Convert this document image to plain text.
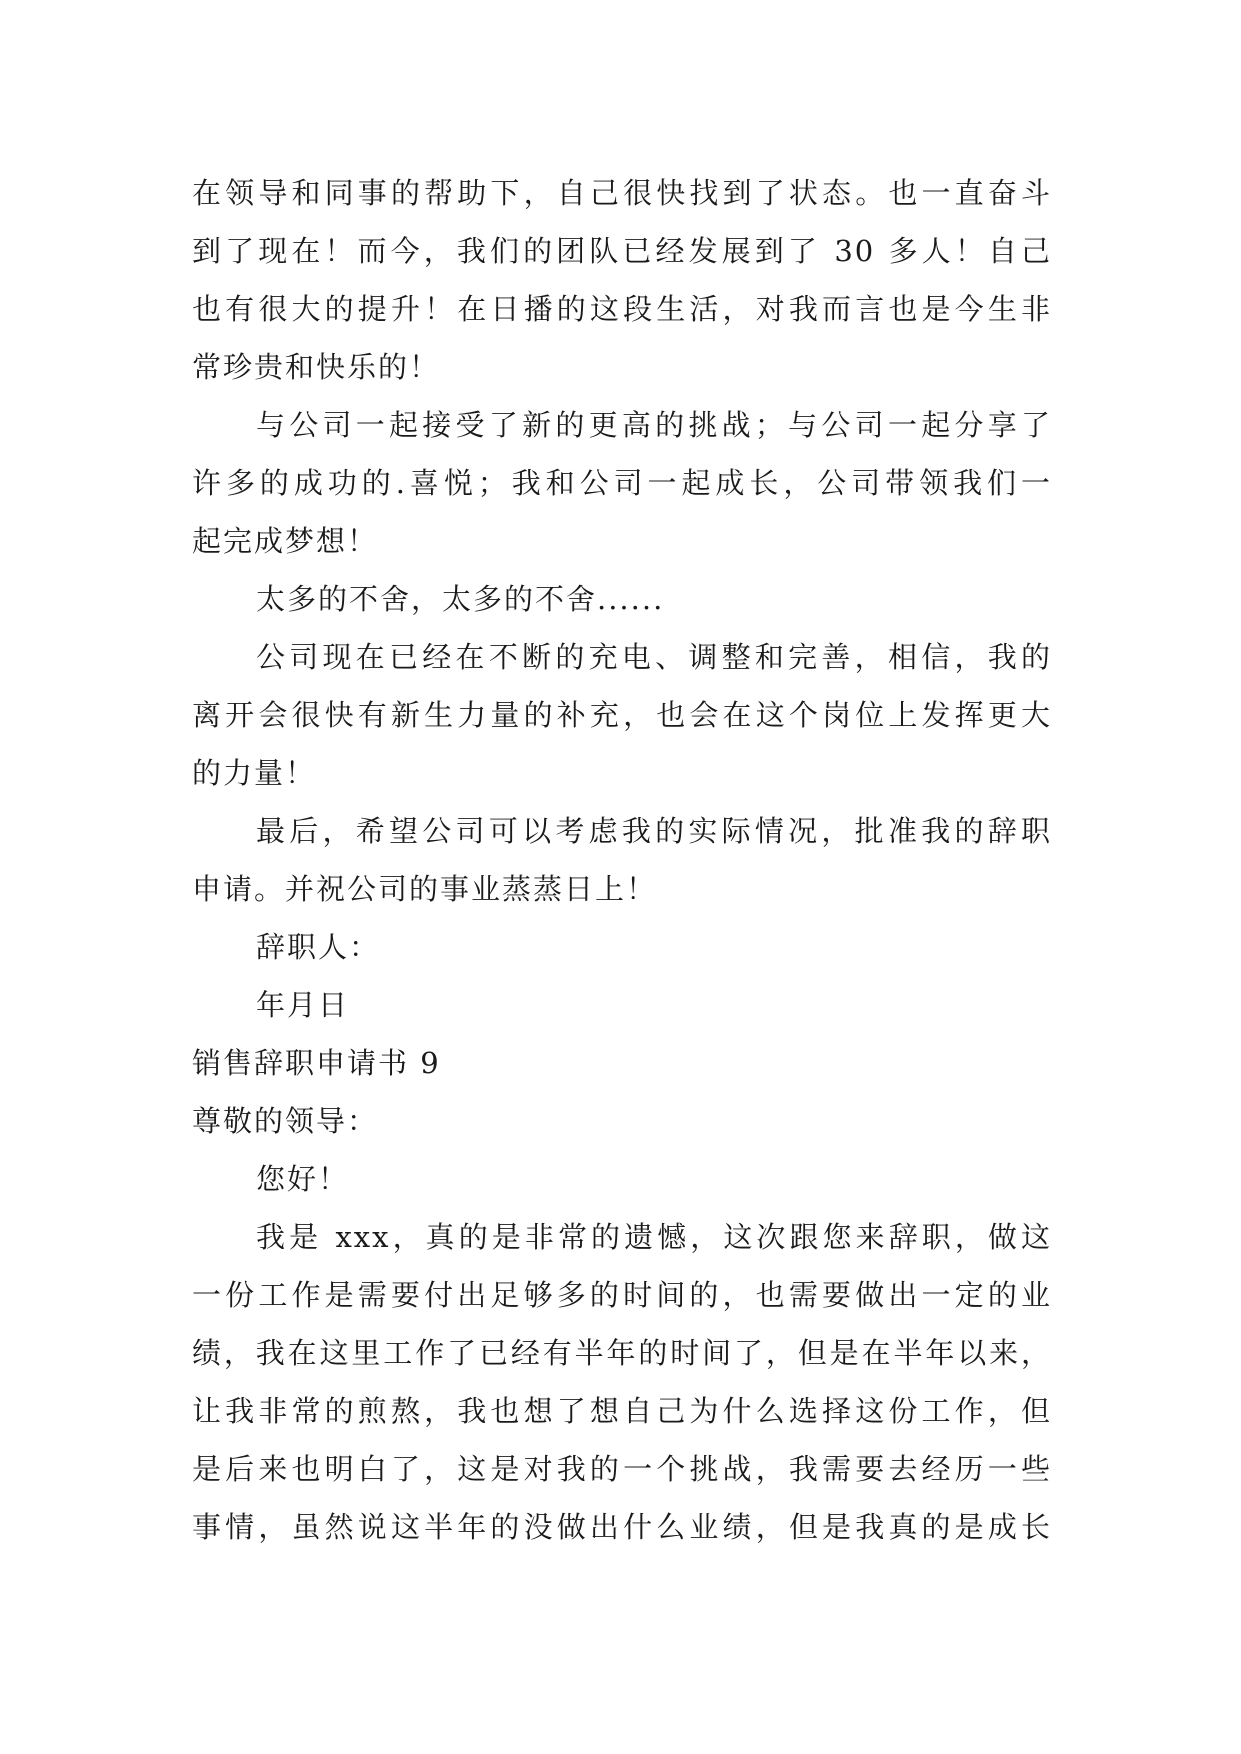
在领导和同事的帮助下，自己很快找到了状态。也一直奋斗
到了现在！而今，我们的团队已经发展到了 30 多人！自己
也有很大的提升！在日播的这段生活，对我而言也是今生非
常珍贵和快乐的！
与公司一起接受了新的更高的挑战；与公司一起分享了
许多的成功的.喜悦；我和公司一起成长，公司带领我们一
起完成梦想！
太多的不舍，太多的不舍......
公司现在已经在不断的充电、调整和完善，相信，我的
离开会很快有新生力量的补充，也会在这个岗位上发挥更大
的力量！
最后，希望公司可以考虑我的实际情况，批准我的辞职
申请。并祝公司的事业蒸蒸日上！
辞职人：
年月日
销售辞职申请书 9
尊敬的领导：
您好！
我是 xxx，真的是非常的遗憾，这次跟您来辞职，做这
一份工作是需要付出足够多的时间的，也需要做出一定的业
绩，我在这里工作了已经有半年的时间了，但是在半年以来，
让我非常的煎熬，我也想了想自己为什么选择这份工作，但
是后来也明白了，这是对我的一个挑战，我需要去经历一些
事情，虽然说这半年的没做出什么业绩，但是我真的是成长
